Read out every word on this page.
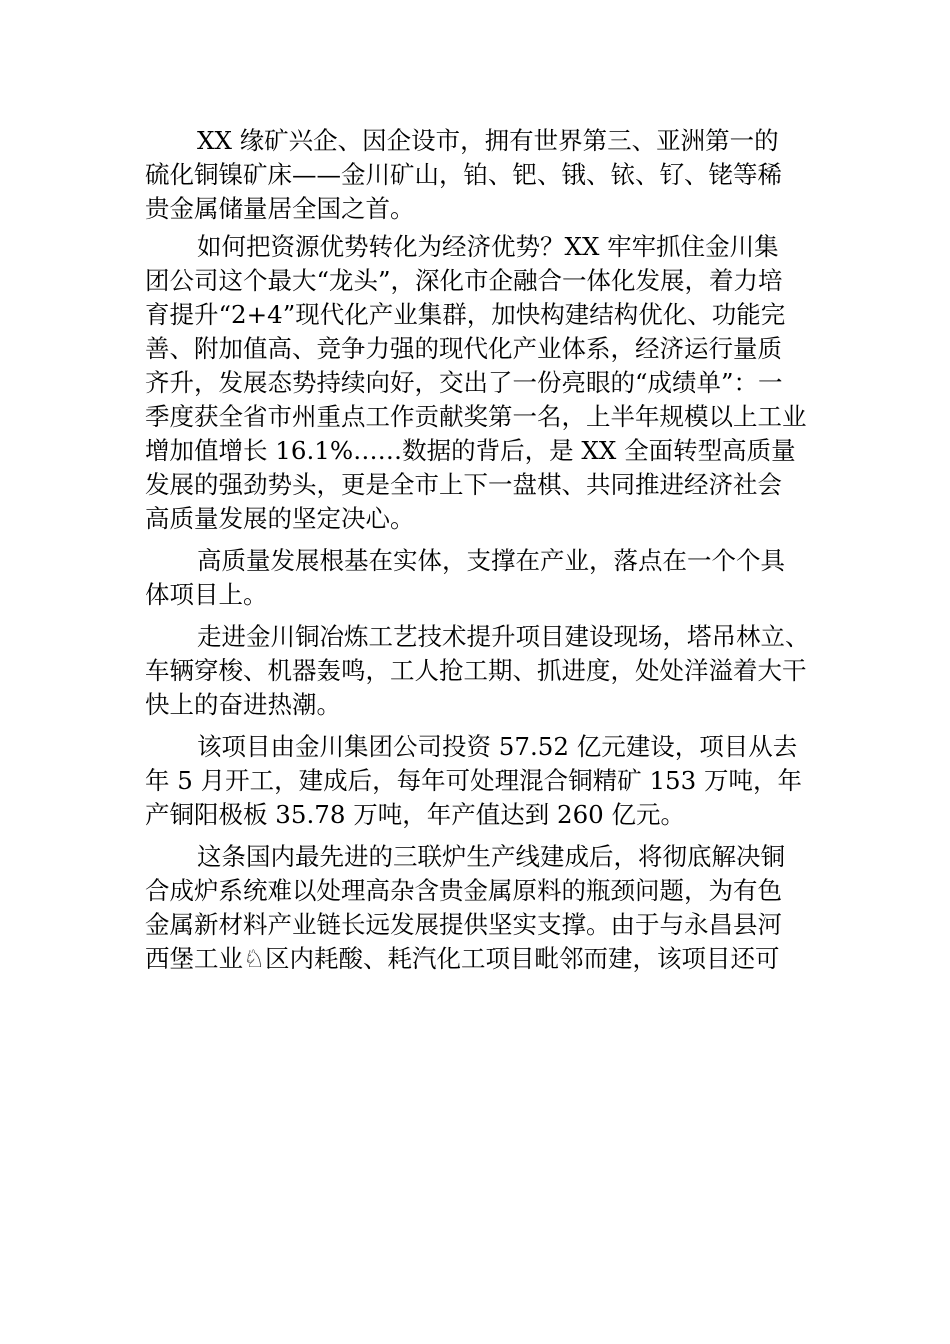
XX 缘矿兴企、因企设市，拥有世界第三、亚洲第一的
硫化铜镍矿床——金川矿山，铂、钯、锇、铱、钌、铑等稀
贵金属储量居全国之首。
如何把资源优势转化为经济优势？XX 牢牢抓住金川集
团公司这个最大“龙头”，深化市企融合一体化发展，着力培
育提升“2+4”现代化产业集群，加快构建结构优化、功能完
善、附加值高、竞争力强的现代化产业体系，经济运行量质
齐升，发展态势持续向好，交出了一份亮眼的“成绩单”：一
季度获全省市州重点工作贡献奖第一名，上半年规模以上工业
增加值增长 16.1%……数据的背后，是 XX 全面转型高质量
发展的强劲势头，更是全市上下一盘棋、共同推进经济社会
高质量发展的坚定决心。
高质量发展根基在实体，支撑在产业，落点在一个个具
体项目上。
走进金川铜冶炼工艺技术提升项目建设现场，塔吊林立、
车辆穿梭、机器轰鸣，工人抢工期、抓进度，处处洋溢着大干
快上的奋进热潮。
该项目由金川集团公司投资 57.52 亿元建设，项目从去
年 5 月开工，建成后，每年可处理混合铜精矿 153 万吨，年
产铜阳极板 35.78 万吨，年产值达到 260 亿元。
这条国内最先进的三联炉生产线建成后，将彻底解决铜
合成炉系统难以处理高杂含贵金属原料的瓶颈问题，为有色
金属新材料产业链长远发展提供坚实支撑。由于与永昌县河
西堡工业♘区内耗酸、耗汽化工项目毗邻而建，该项目还可
